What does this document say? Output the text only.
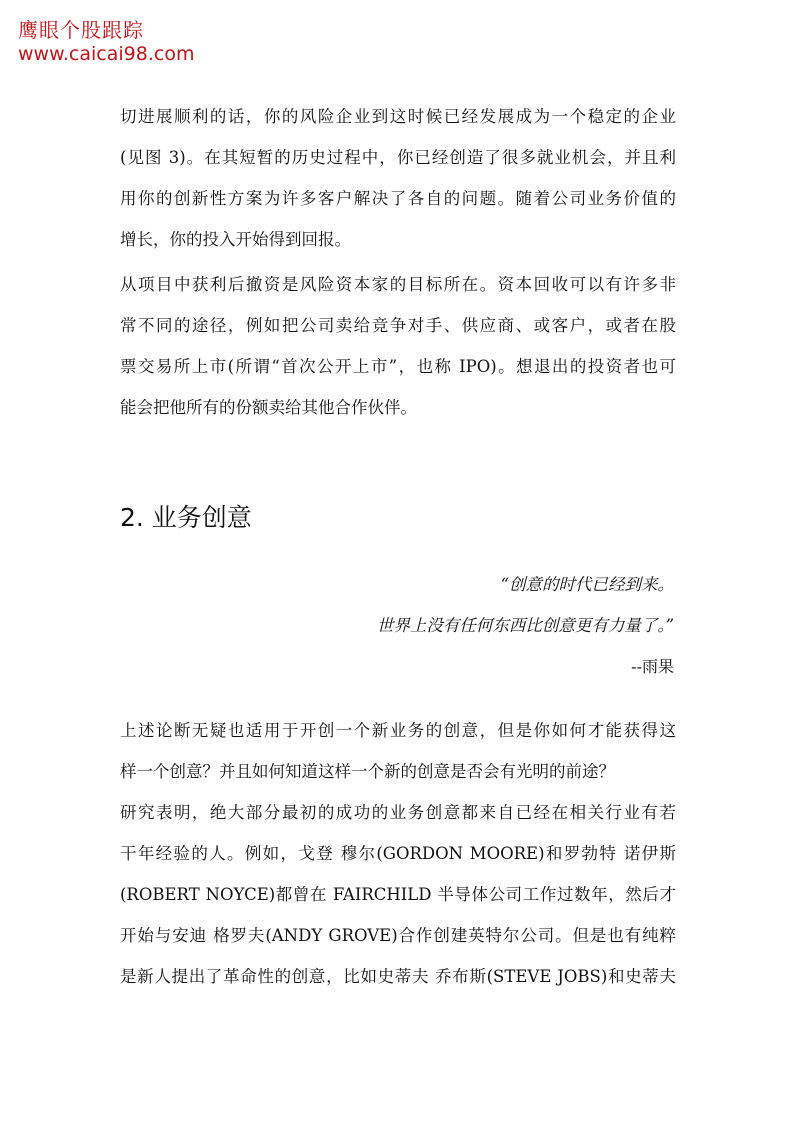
鹰眼个股跟踪
www.caicai98.com
切进展顺利的话，你的风险企业到这时候已经发展成为一个稳定的企业
(见图 3)。在其短暂的历史过程中，你已经创造了很多就业机会，并且利
用你的创新性方案为许多客户解决了各自的问题。随着公司业务价值的
增长，你的投入开始得到回报。
从项目中获利后撤资是风险资本家的目标所在。资本回收可以有许多非
常不同的途径，例如把公司卖给竞争对手、供应商、或客户，或者在股
票交易所上市(所谓“首次公开上市”，也称 IPO)。想退出的投资者也可
能会把他所有的份额卖给其他合作伙伴。
2. 业务创意
“创意的时代已经到来。
世界上没有任何东西比创意更有力量了。”
--雨果
上述论断无疑也适用于开创一个新业务的创意，但是你如何才能获得这
样一个创意？并且如何知道这样一个新的创意是否会有光明的前途？
研究表明，绝大部分最初的成功的业务创意都来自已经在相关行业有若
干年经验的人。例如，戈登 穆尔(GORDON MOORE)和罗勃特 诺伊斯
(ROBERT NOYCE)都曾在 FAIRCHILD 半导体公司工作过数年，然后才
开始与安迪 格罗夫(ANDY GROVE)合作创建英特尔公司。但是也有纯粹
是新人提出了革命性的创意，比如史蒂夫 乔布斯(STEVE JOBS)和史蒂夫
